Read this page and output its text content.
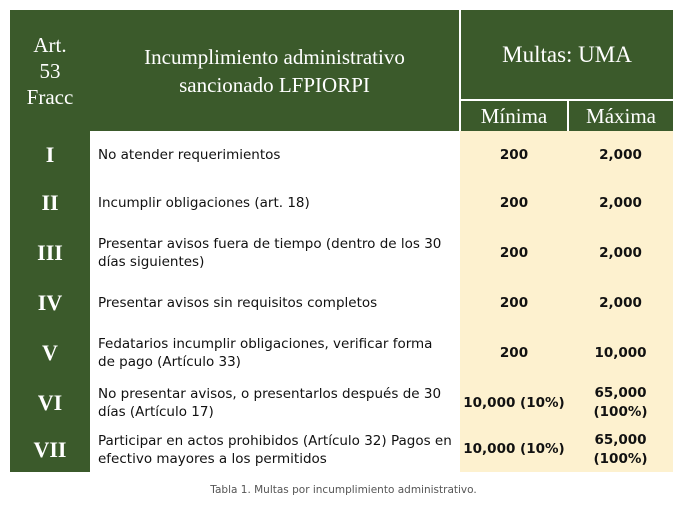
Art.
53
Fracc	Incumplimiento administrativo sancionado LFPIORPI	Multas: UMA	
		Mínima	Máxima
I	No atender requerimientos	200	2,000
II	Incumplir obligaciones (art. 18)	200	2,000
III	Presentar avisos fuera de tiempo (dentro de los 30 días siguientes)	200	2,000
IV	Presentar avisos sin requisitos completos	200	2,000
V	Fedatarios incumplir obligaciones, verificar forma de pago (Artículo 33)	200	10,000
VI	No presentar avisos, o presentarlos después de 30 días (Artículo 17)	10,000 (10%)	65,000 (100%)
VII	Participar en actos prohibidos (Artículo 32) Pagos en efectivo mayores a los permitidos	10,000 (10%)	65,000 (100%)
Tabla 1. Multas por incumplimiento administrativo.
